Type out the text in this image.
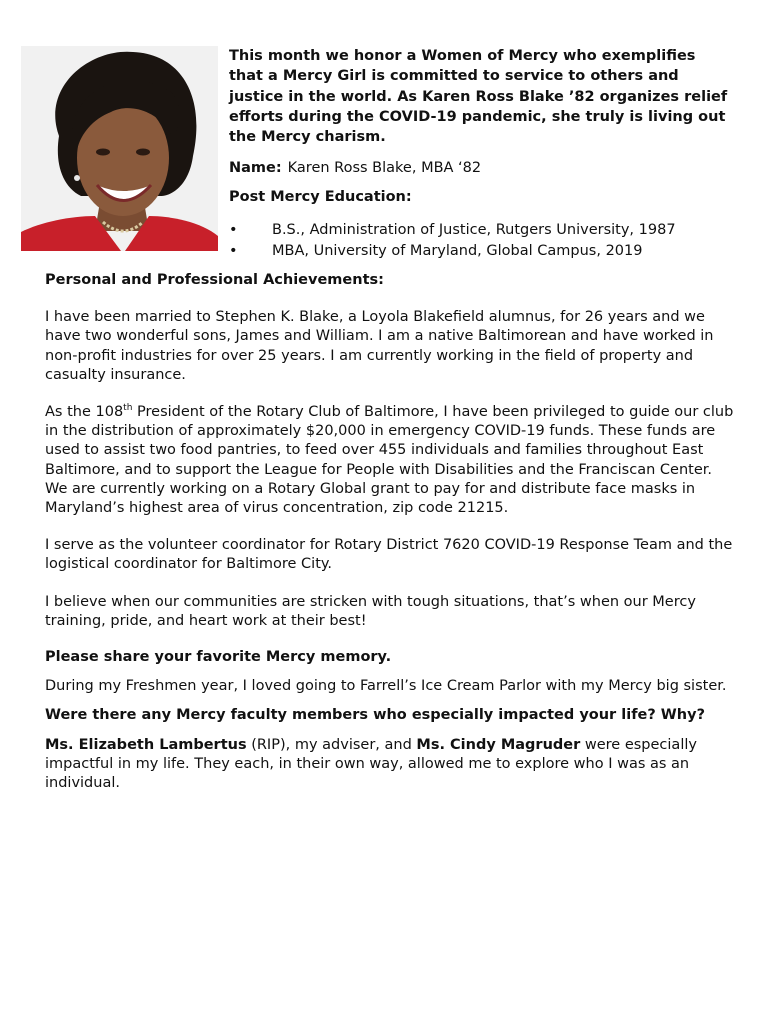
This month we honor a Women of Mercy who exemplifies that a Mercy Girl is committed to service to others and justice in the world. As Karen Ross Blake ’82 organizes relief efforts during the COVID-19 pandemic, she truly is living out the Mercy charism.

Name: Karen Ross Blake, MBA ‘82

Post Mercy Education:

• B.S., Administration of Justice, Rutgers University, 1987
• MBA, University of Maryland, Global Campus, 2019

Personal and Professional Achievements:

I have been married to Stephen K. Blake, a Loyola Blakefield alumnus, for 26 years and we have two wonderful sons, James and William. I am a native Baltimorean and have worked in non-profit industries for over 25 years. I am currently working in the field of property and casualty insurance.

As the 108th President of the Rotary Club of Baltimore, I have been privileged to guide our club in the distribution of approximately $20,000 in emergency COVID-19 funds. These funds are used to assist two food pantries, to feed over 455 individuals and families throughout East Baltimore, and to support the League for People with Disabilities and the Franciscan Center. We are currently working on a Rotary Global grant to pay for and distribute face masks in Maryland’s highest area of virus concentration, zip code 21215.

I serve as the volunteer coordinator for Rotary District 7620 COVID-19 Response Team and the logistical coordinator for Baltimore City.

I believe when our communities are stricken with tough situations, that’s when our Mercy training, pride, and heart work at their best!

Please share your favorite Mercy memory.

During my Freshmen year, I loved going to Farrell’s Ice Cream Parlor with my Mercy big sister.

Were there any Mercy faculty members who especially impacted your life? Why?

Ms. Elizabeth Lambertus (RIP), my adviser, and Ms. Cindy Magruder were especially impactful in my life. They each, in their own way, allowed me to explore who I was as an individual.
